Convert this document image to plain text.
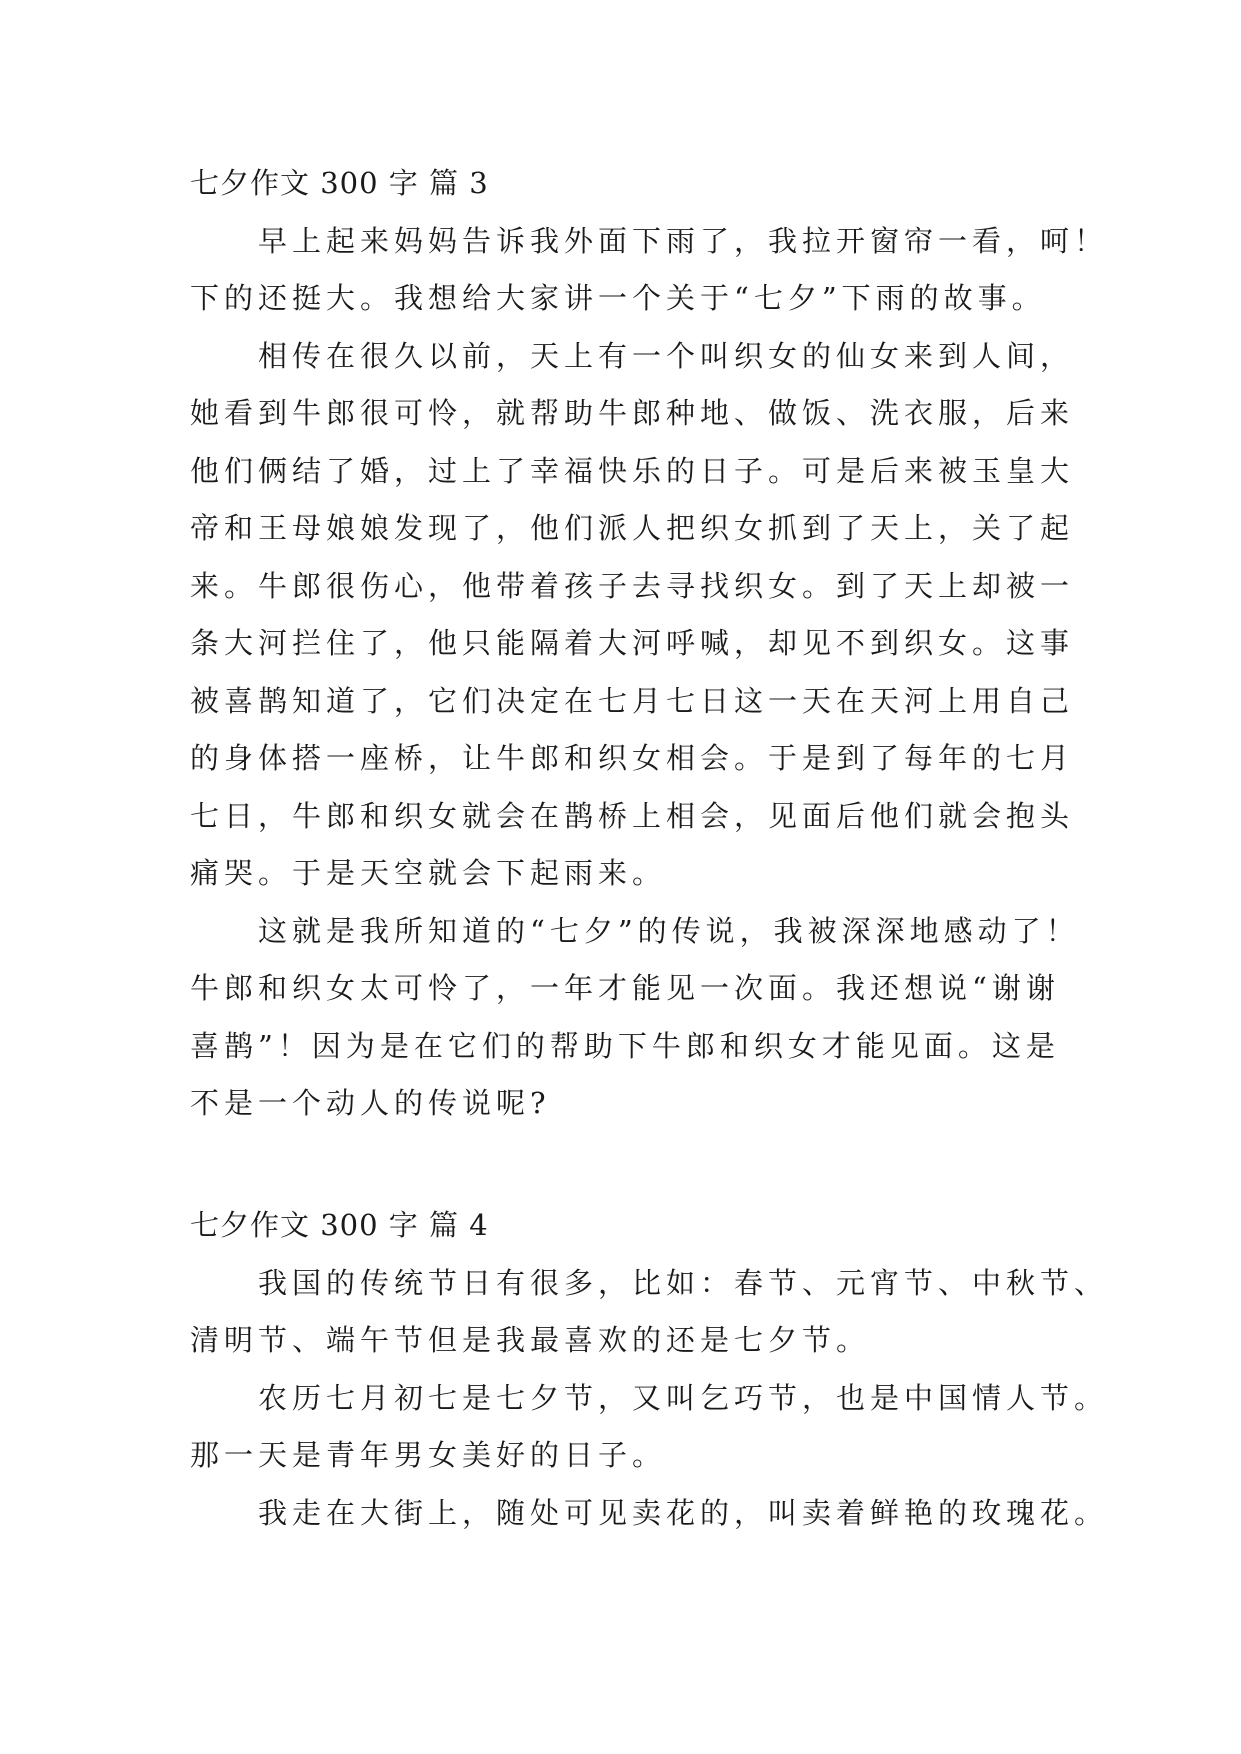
七夕作文 300 字 篇 3
早上起来妈妈告诉我外面下雨了，我拉开窗帘一看，呵！
下的还挺大。我想给大家讲一个关于“七夕”下雨的故事。
相传在很久以前，天上有一个叫织女的仙女来到人间，
她看到牛郎很可怜，就帮助牛郎种地、做饭、洗衣服，后来
他们俩结了婚，过上了幸福快乐的日子。可是后来被玉皇大
帝和王母娘娘发现了，他们派人把织女抓到了天上，关了起
来。牛郎很伤心，他带着孩子去寻找织女。到了天上却被一
条大河拦住了，他只能隔着大河呼喊，却见不到织女。这事
被喜鹊知道了，它们决定在七月七日这一天在天河上用自己
的身体搭一座桥，让牛郎和织女相会。于是到了每年的七月
七日，牛郎和织女就会在鹊桥上相会，见面后他们就会抱头
痛哭。于是天空就会下起雨来。
这就是我所知道的“七夕”的传说，我被深深地感动了！
牛郎和织女太可怜了，一年才能见一次面。我还想说“谢谢
喜鹊”！因为是在它们的帮助下牛郎和织女才能见面。这是
不是一个动人的传说呢?
七夕作文 300 字 篇 4
我国的传统节日有很多，比如：春节、元宵节、中秋节、
清明节、端午节但是我最喜欢的还是七夕节。
农历七月初七是七夕节，又叫乞巧节，也是中国情人节。
那一天是青年男女美好的日子。
我走在大街上，随处可见卖花的，叫卖着鲜艳的玫瑰花。
